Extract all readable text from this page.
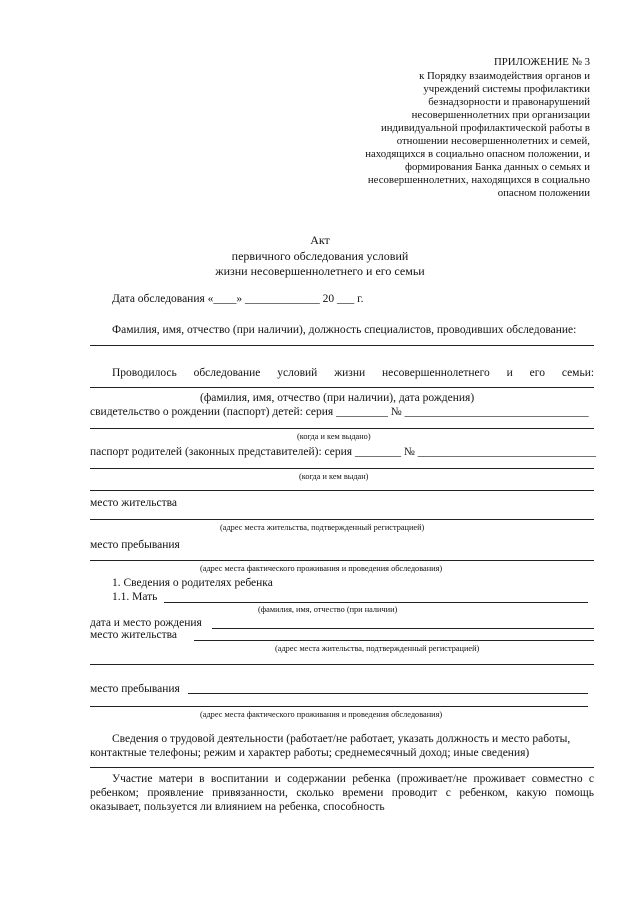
ПРИЛОЖЕНИЕ № 3
к Порядку взаимодействия органов и
учреждений системы профилактики
безнадзорности и правонарушений
несовершеннолетних при организации
индивидуальной профилактической работы в
отношении несовершеннолетних и семей,
находящихся в социально опасном положении, и
формирования Банка данных о семьях и
несовершеннолетних, находящихся в социально
опасном положении
Акт
первичного обследования условий
жизни несовершеннолетнего и его семьи
Дата обследования «____» _____________ 20 ___ г.
Фамилия, имя, отчество (при наличии), должность специалистов, проводивших обследование:
Проводилось обследование условий жизни несовершеннолетнего и его семьи:
(фамилия, имя, отчество (при наличии), дата рождения)
свидетельство о рождении (паспорт) детей: серия _________ № ________________________________
(когда и кем выдано)
паспорт родителей (законных представителей): серия ________ № _______________________________
(когда и кем выдан)
место жительства
(адрес места жительства, подтвержденный регистрацией)
место пребывания
(адрес места фактического проживания и проведения обследования)
1. Сведения о родителях ребенка
1.1. Мать
(фамилия, имя, отчество (при наличии)
дата и место рождения
место жительства
(адрес места жительства, подтвержденный регистрацией)
место пребывания
(адрес места фактического проживания и проведения обследования)
Сведения о трудовой деятельности (работает/не работает, указать должность и место работы,
контактные телефоны; режим и характер работы; среднемесячный доход; иные сведения)
Участие матери в воспитании и содержании ребенка (проживает/не проживает совместно с
ребенком; проявление привязанности, сколько времени проводит с ребенком, какую помощь
оказывает, пользуется ли влиянием на ребенка, способность
